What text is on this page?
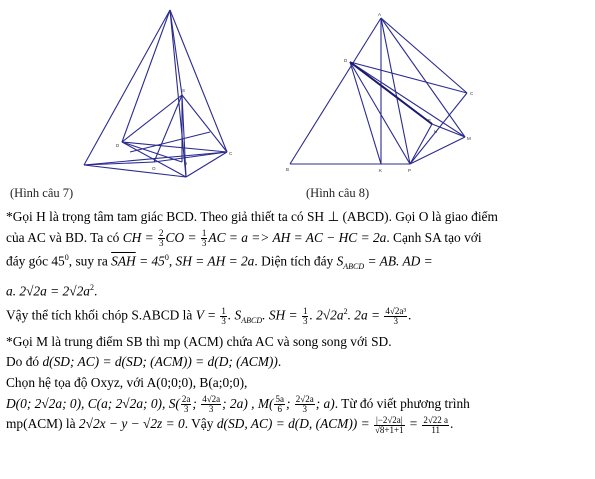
S
H
C
O
D
(Hình câu 7)
A
D
C
E
M
B	K	P
H
(Hình câu 8)
*Gọi H là trọng tâm tam giác BCD. Theo giả thiết ta có SH ⊥ (ABCD). Gọi O là giao điểm
của AC và BD. Ta có CH = $\frac{2}{3}$ CO = $\frac{1}{3}$ AC = a => AH = AC − HC = 2a. Cạnh SA tạo với
đáy góc $45^0$, suy ra $\overline{SAH} = 45^0$, SH = AH = 2a. Diện tích đáy $S_{ABCD}$ = AB. AD =
a. $2√2a = 2√2a^2$.
Vậy thể tích khối chóp S.ABCD là $V = \frac{1}{3}$ . $S_{ABCD}$. SH = $\frac{1}{3}$ . $2√2a^2$. $2a = \frac{\text{4√2a³}}{3}$ .
*Gọi M là trung điểm SB thì mp (ACM) chứa AC và song song với SD.
Do đó d(SD; AC) = d(SD; (ACM)) = d(D; (ACM)).
Chọn hệ tọa độ Oxyz, với A(0;0;0), B(a;0;0),
D(0; 2√2a; 0), C(a; 2√2a; 0), $S( \frac{2a}{3}$ ; $\frac{4√2a}{3}$ ; 2a) , $M( \frac{5a}{6}$ ; $\frac{2√2a}{3}$ ; a). Từ đó viết phương trình
mp(ACM) là 2√2x − y − √2z = 0. Vậy d(SD, AC) = d(D, $(ACM)) = \frac{|-2√2a|}{√8+1+1} = \frac{2√22 a}{11}$ .
